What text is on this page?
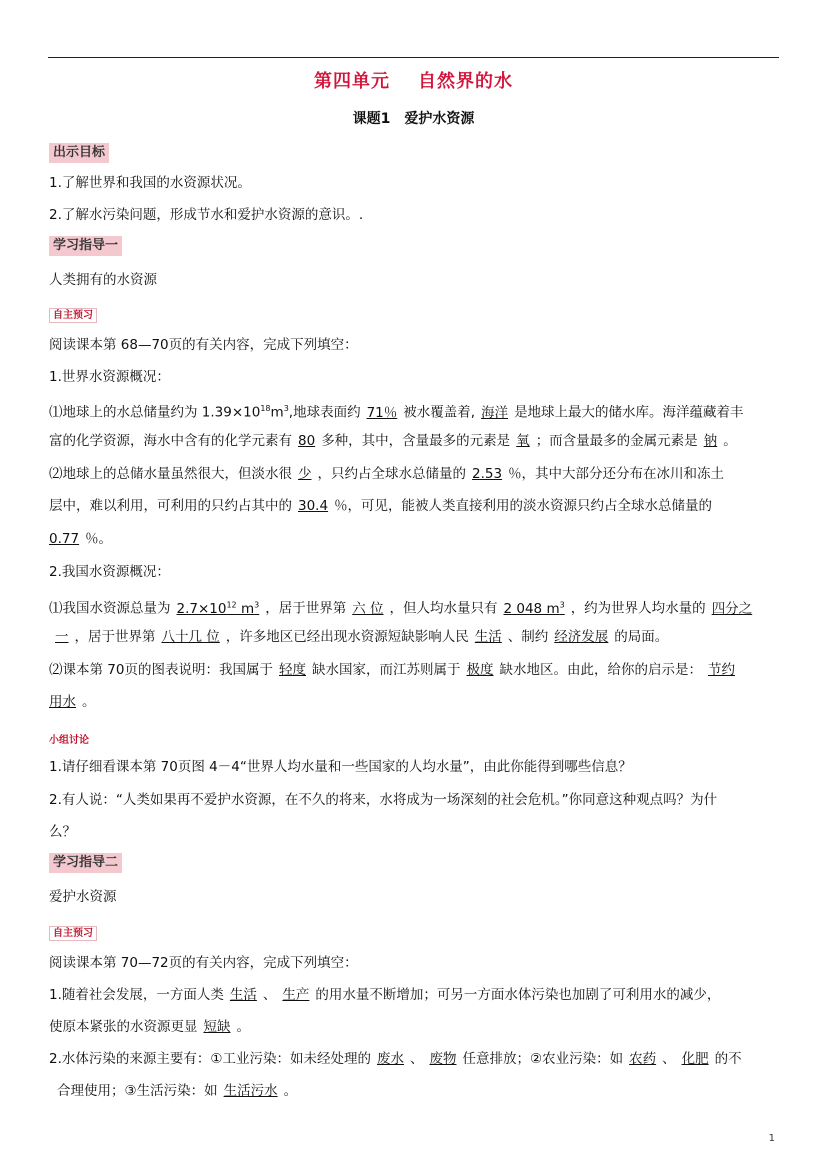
第四单元 自然界的水
课题1　爱护水资源
出示目标
1.了解世界和我国的水资源状况。
2.了解水污染问题，形成节水和爱护水资源的意识。.
学习指导一
人类拥有的水资源
自主预习
阅读课本第 68—70页的有关内容，完成下列填空：
1.世界水资源概况：
⑴地球上的水总储量约为 $1.39\times 10^{18}m^3$,地球表面约 71％ 被水覆盖着, 海洋 是地球上最大的储水库。海洋蕴藏着丰
富的化学资源，海水中含有的化学元素有 80 多种，其中，含量最多的元素是 氧 ；而含量最多的金属元素是 钠 。
⑵地球上的总储水量虽然很大，但淡水很 少 ，只约占全球水总储量的 2.53 ％，其中大部分还分布在冰川和冻土
层中，难以利用，可利用的只约占其中的 30.4 ％，可见，能被人类直接利用的淡水资源只约占全球水总储量的
0.77 ％。
2.我国水资源概况：
⑴我国水资源总量为 $2.7\times 10^{12}$ $m^3$ ，居于世界第 六 位 ，但人均水量只有 2 048 $m^3$ ，约为世界人均水量的 四分之
一 ，居于世界第 八十几 位 ，许多地区已经出现水资源短缺影响人民 生活 、制约 经济发展 的局面。
⑵课本第 70页的图表说明：我国属于 轻度 缺水国家，而江苏则属于 极度 缺水地区。由此，给你的启示是： 节约
用水 。
小组讨论
1.请仔细看课本第 70页图 4－4“世界人均水量和一些国家的人均水量”，由此你能得到哪些信息？
2.有人说：“人类如果再不爱护水资源，在不久的将来，水将成为一场深刻的社会危机。”你同意这种观点吗？为什
么？
学习指导二
爱护水资源
自主预习
阅读课本第 70—72页的有关内容，完成下列填空：
1.随着社会发展，一方面人类 生活 、 生产 的用水量不断增加；可另一方面水体污染也加剧了可利用水的减少，
使原本紧张的水资源更显 短缺 。
2.水体污染的来源主要有：①工业污染：如未经处理的 废水 、 废物 任意排放；②农业污染：如 农药 、 化肥 的不
合理使用；③生活污染：如 生活污水 。
1
